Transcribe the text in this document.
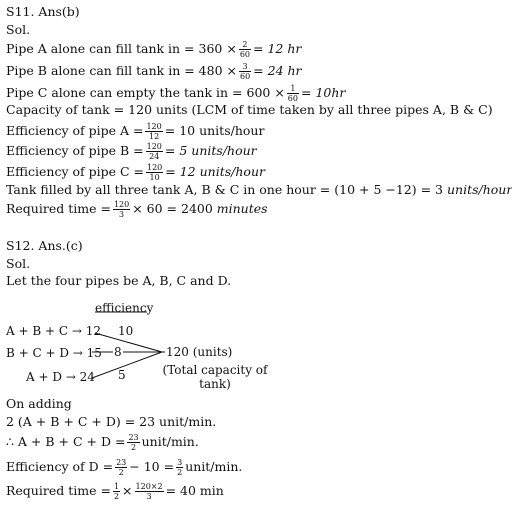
S11. Ans(b)
Sol.
Pipe A alone can fill tank in = $360 \times \frac{2}{60} = 12$ hr
Pipe B alone can fill tank in = $480 \times \frac{3}{60} = 24$ hr
Pipe C alone can empty the tank in = $600 \times \frac{1}{60} = 10hr$
Capacity of tank = 120 units (LCM of time taken by all three pipes A, B & C)
Efficiency of pipe $A = \frac{120}{12} = 10$ units/hour
Efficiency of pipe $B = \frac{120}{24} = 5$ units/hour
Efficiency of pipe $C = \frac{120}{10} = 12$ units/hour
Tank filled by all three tank A, B & C in one hour = (10 + 5 −12) = 3 units/hour
Required time = $\frac{120}{3} \times 60 = 2400$ minutes
S12. Ans.(c)
Sol.
Let the four pipes be A, B, C and D.
efficiency
A + B + C → 12
B + C + D → 15
A + D → 24
10
8
5
120 (units)
(Total capacity of
tank)
On adding
2 (A + B + C + D) = 23 unit/min.
∴ $A + B + C + D = \frac{23}{2}$ unit/min.
Efficiency of $D = \frac{23}{2} - 10 = \frac{3}{2}$ unit/min.
Required time = $\frac{1}{2} \times \frac{120\times 2}{3} = 40$ min
